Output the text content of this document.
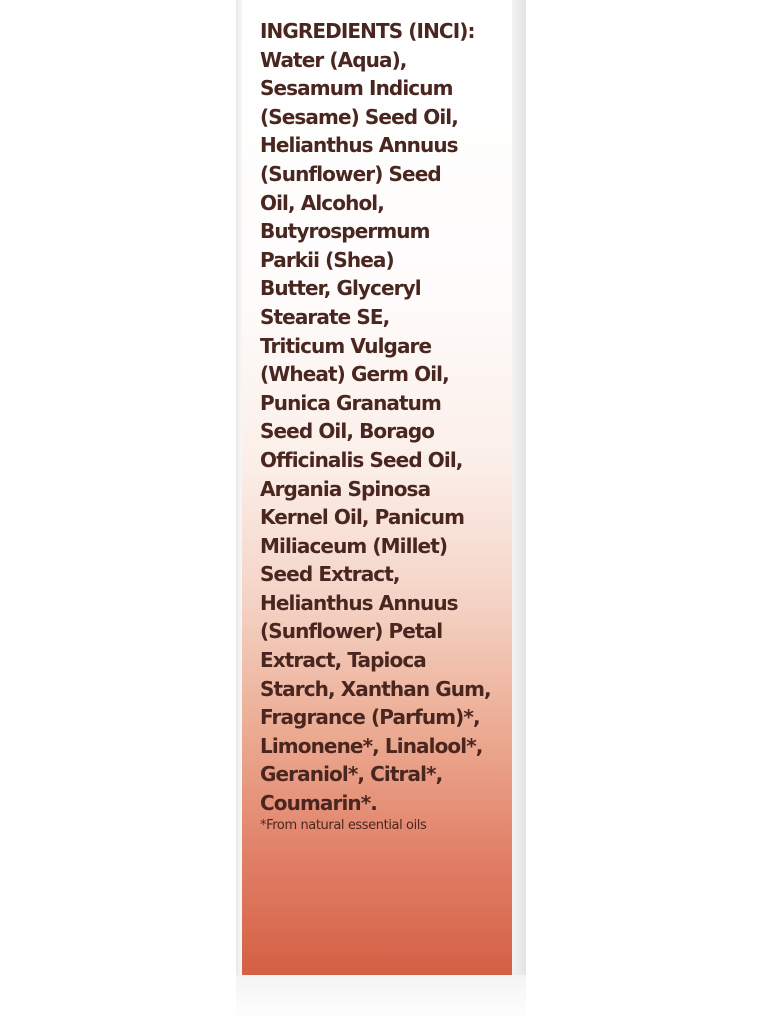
INGREDIENTS (INCI):
Water (Aqua),
Sesamum Indicum
(Sesame) Seed Oil,
Helianthus Annuus
(Sunflower) Seed
Oil, Alcohol,
Butyrospermum
Parkii (Shea)
Butter, Glyceryl
Stearate SE,
Triticum Vulgare
(Wheat) Germ Oil,
Punica Granatum
Seed Oil, Borago
Officinalis Seed Oil,
Argania Spinosa
Kernel Oil, Panicum
Miliaceum (Millet)
Seed Extract,
Helianthus Annuus
(Sunflower) Petal
Extract, Tapioca
Starch, Xanthan Gum,
Fragrance (Parfum)*,
Limonene*, Linalool*,
Geraniol*, Citral*,
Coumarin*.
*From natural essential oils
